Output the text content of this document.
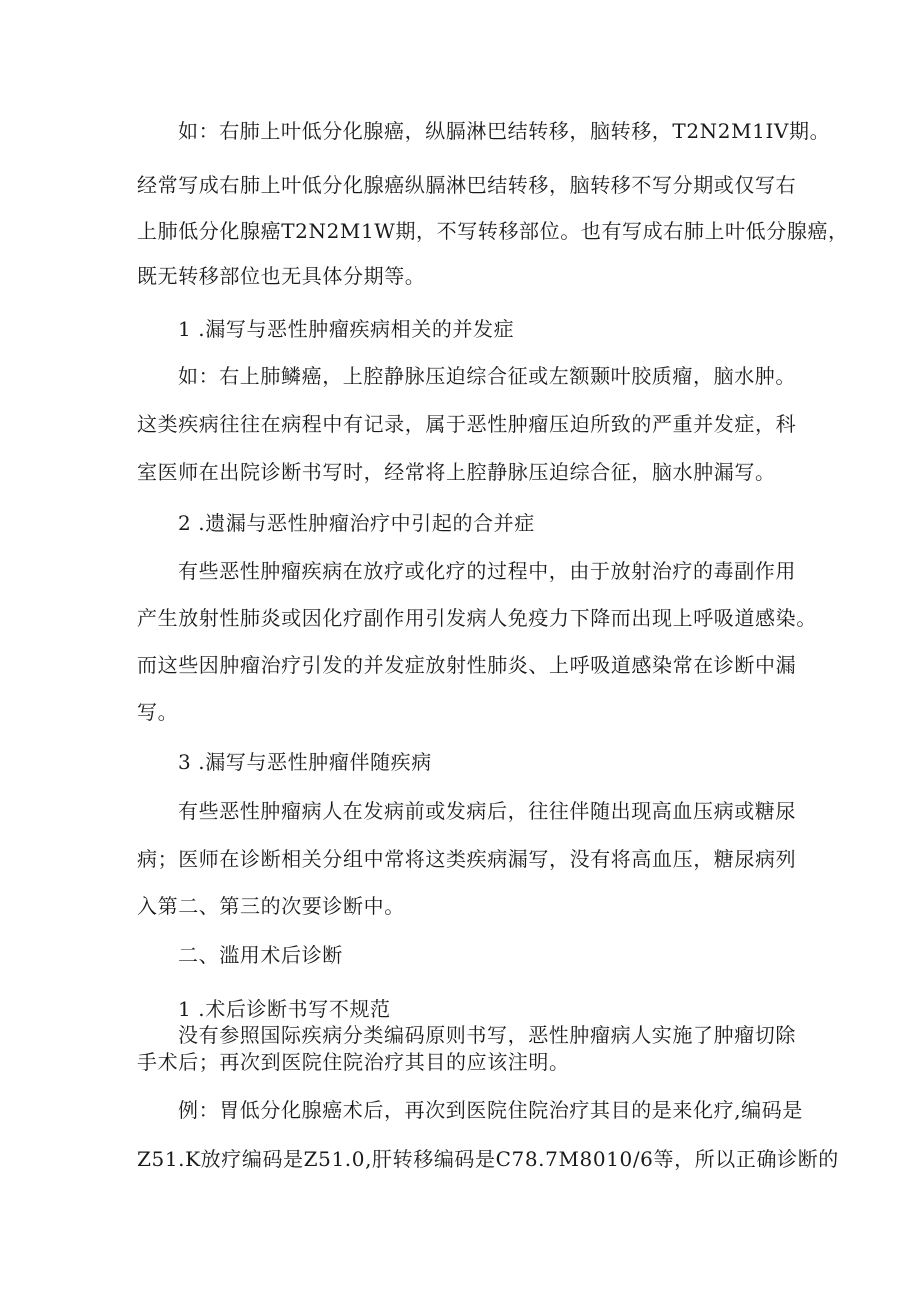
如：右肺上叶低分化腺癌，纵膈淋巴结转移，脑转移，T2N2M1IV期。
经常写成右肺上叶低分化腺癌纵膈淋巴结转移，脑转移不写分期或仅写右
上肺低分化腺癌T2N2M1W期，不写转移部位。也有写成右肺上叶低分腺癌，
既无转移部位也无具体分期等。
1 .漏写与恶性肿瘤疾病相关的并发症
如：右上肺鳞癌，上腔静脉压迫综合征或左额颞叶胶质瘤，脑水肿。
这类疾病往往在病程中有记录，属于恶性肿瘤压迫所致的严重并发症，科
室医师在出院诊断书写时，经常将上腔静脉压迫综合征，脑水肿漏写。
2 .遗漏与恶性肿瘤治疗中引起的合并症
有些恶性肿瘤疾病在放疗或化疗的过程中，由于放射治疗的毒副作用
产生放射性肺炎或因化疗副作用引发病人免疫力下降而出现上呼吸道感染。
而这些因肿瘤治疗引发的并发症放射性肺炎、上呼吸道感染常在诊断中漏
写。
3 .漏写与恶性肿瘤伴随疾病
有些恶性肿瘤病人在发病前或发病后，往往伴随出现高血压病或糖尿
病；医师在诊断相关分组中常将这类疾病漏写，没有将高血压，糖尿病列
入第二、第三的次要诊断中。
二、滥用术后诊断
1 .术后诊断书写不规范
没有参照国际疾病分类编码原则书写，恶性肿瘤病人实施了肿瘤切除
手术后；再次到医院住院治疗其目的应该注明。
例：胃低分化腺癌术后，再次到医院住院治疗其目的是来化疗,编码是
Z51.K放疗编码是Z51.0,肝转移编码是C78.7M8010/6等，所以正确诊断的
